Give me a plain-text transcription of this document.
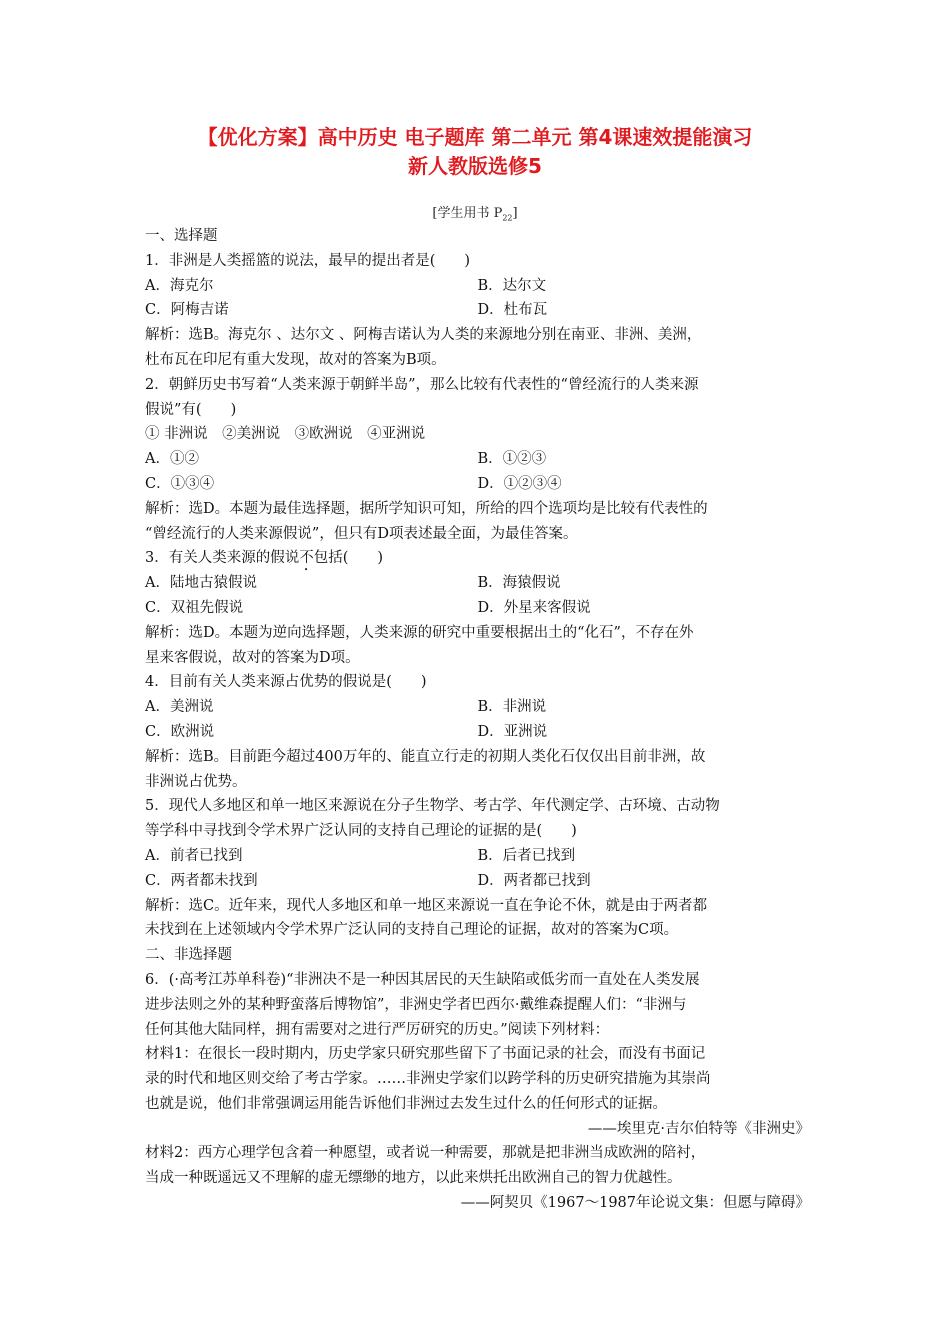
【优化方案】高中历史 电子题库 第二单元 第4课速效提能演习
新人教版选修5
[学生用书 $P_{22}$]
一、选择题
1．非洲是人类摇篮的说法，最早的提出者是(　　)
A．海克尔	B．达尔文
C．阿梅吉诺	D．杜布瓦
解析：选B。海克尔 、达尔文 、阿梅吉诺认为人类的来源地分别在南亚、非洲、美洲，
杜布瓦在印尼有重大发现，故对的答案为B项。
2．朝鲜历史书写着“人类来源于朝鲜半岛”，那么比较有代表性的“曾经流行的人类来源
假说”有(　　)
① 非洲说　②美洲说　③欧洲说　④亚洲说
A．①②	B．①②③
C．①③④	D．①②③④
解析：选D。本题为最佳选择题，据所学知识可知，所给的四个选项均是比较有代表性的
“曾经流行的人类来源假说”，但只有D项表述最全面，为最佳答案。
3．有关人类来源的假说不包括(　　)
A．陆地古猿假说	B．海猿假说
C．双祖先假说	D．外星来客假说
解析：选D。本题为逆向选择题，人类来源的研究中重要根据出土的“化石”，不存在外
星来客假说，故对的答案为D项。
4．目前有关人类来源占优势的假说是(　　)
A．美洲说	B．非洲说
C．欧洲说	D．亚洲说
解析：选B。目前距今超过400万年的、能直立行走的初期人类化石仅仅出目前非洲，故
非洲说占优势。
5．现代人多地区和单一地区来源说在分子生物学、考古学、年代测定学、古环境、古动物
等学科中寻找到令学术界广泛认同的支持自己理论的证据的是(　　)
A．前者已找到	B．后者已找到
C．两者都未找到	D．两者都已找到
解析：选C。近年来，现代人多地区和单一地区来源说一直在争论不休，就是由于两者都
未找到在上述领域内令学术界广泛认同的支持自己理论的证据，故对的答案为C项。
二、非选择题
6．(·高考江苏单科卷)“非洲决不是一种因其居民的天生缺陷或低劣而一直处在人类发展
进步法则之外的某种野蛮落后博物馆”，非洲史学者巴西尔·戴维森提醒人们：“非洲与
任何其他大陆同样，拥有需要对之进行严厉研究的历史。”阅读下列材料：
材料1：在很长一段时期内，历史学家只研究那些留下了书面记录的社会，而没有书面记
录的时代和地区则交给了考古学家。……非洲史学家们以跨学科的历史研究措施为其崇尚
也就是说，他们非常强调运用能告诉他们非洲过去发生过什么的任何形式的证据。
——埃里克·吉尔伯特等《非洲史》
材料2：西方心理学包含着一种愿望，或者说一种需要，那就是把非洲当成欧洲的陪衬，
当成一种既遥远又不理解的虚无缥缈的地方，以此来烘托出欧洲自己的智力优越性。
——阿契贝《1967～1987年论说文集：但愿与障碍》
